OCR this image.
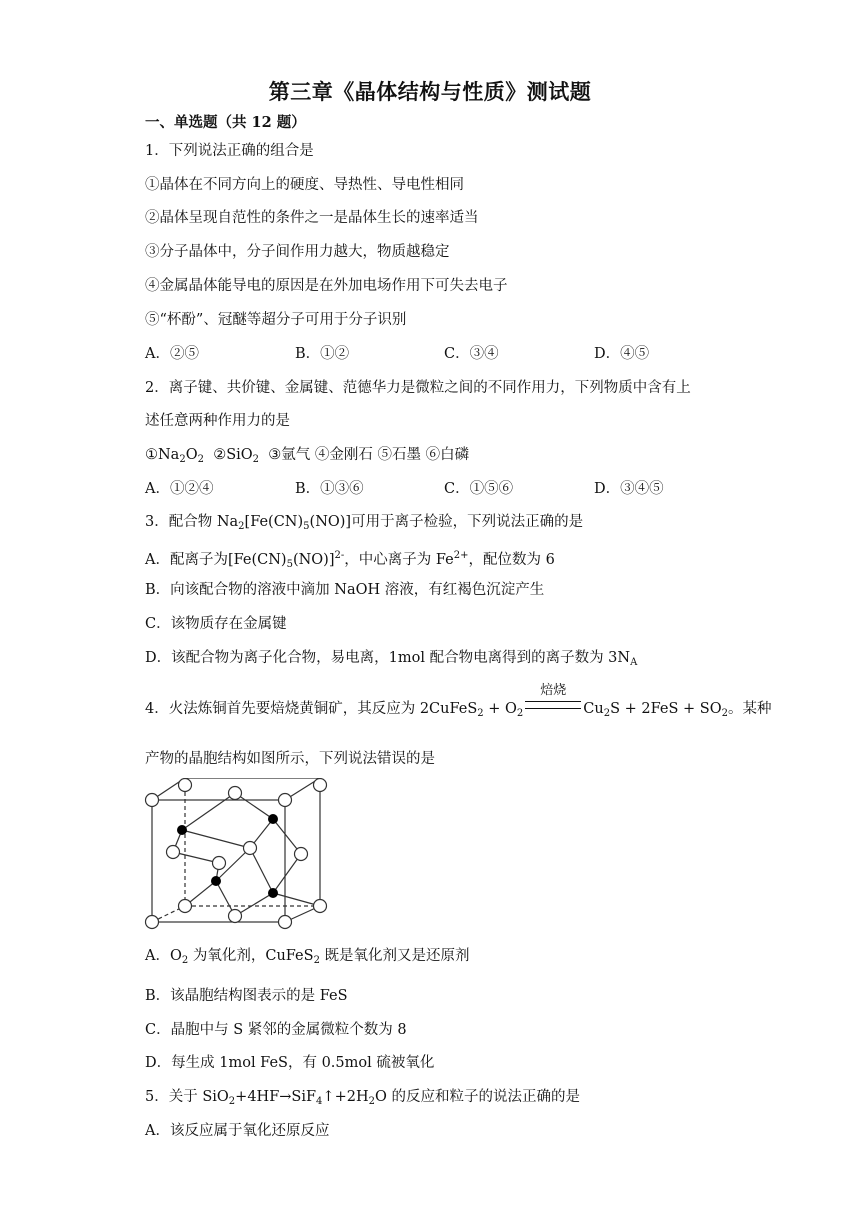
第三章《晶体结构与性质》测试题
一、单选题（共 12 题）
1．下列说法正确的组合是
①晶体在不同方向上的硬度、导热性、导电性相同
②晶体呈现自范性的条件之一是晶体生长的速率适当
③分子晶体中，分子间作用力越大，物质越稳定
④金属晶体能导电的原因是在外加电场作用下可失去电子
⑤“杯酚”、冠醚等超分子可用于分子识别
A．②⑤	B．①②	C．③④	D．④⑤
2．离子键、共价键、金属键、范德华力是微粒之间的不同作用力，下列物质中含有上
述任意两种作用力的是
$①Na_2O_2$ ②SiO$_2$ ③氩气 ④金刚石 ⑤石墨 ⑥白磷
A．①②④	B．①③⑥	C．①⑤⑥	D．③④⑤
3．配合物 $Na_2[Fe(CN)_5(NO)]$可用于离子检验，下列说法正确的是
A．配离子为$[Fe(CN)_5(NO)]^{2-}$，中心离子为 $Fe^{2+}$，配位数为 6
B．向该配合物的溶液中滴加 NaOH 溶液，有红褐色沉淀产生
C．该物质存在金属键
D．该配合物为离子化合物，易电离，1mol 配合物电离得到的离子数为 $3N_A$
4．火法炼铜首先要焙烧黄铜矿，其反应为 2CuFeS$_2$ + $O_2$
焙烧
$Cu_2S + 2FeS + SO_2$。某种
产物的晶胞结构如图所示，下列说法错误的是
A．$O_2$ 为氧化剂，CuFeS$_2$ 既是氧化剂又是还原剂
B．该晶胞结构图表示的是 FeS
C．晶胞中与 S 紧邻的金属微粒个数为 8
D．每生成 1mol FeS，有 0.5mol 硫被氧化
5．关于 $SiO_2+4HF\to SiF_4↑+2H_2O$ 的反应和粒子的说法正确的是
A．该反应属于氧化还原反应
